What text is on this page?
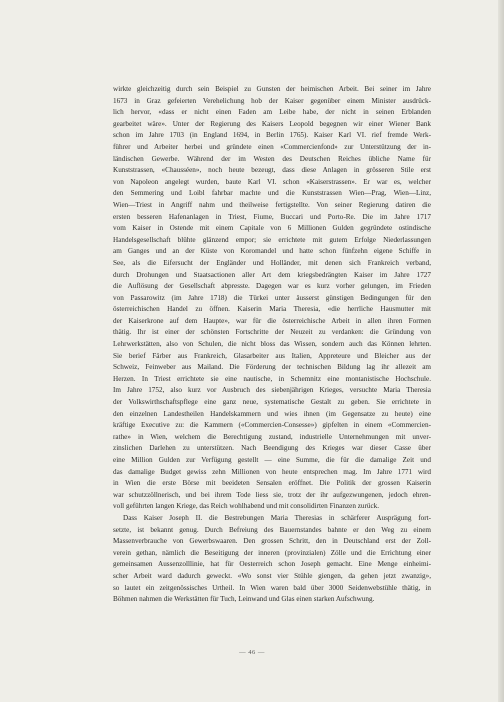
wirkte gleichzeitig durch sein Beispiel zu Gunsten der heimischen Arbeit. Bei seiner im Jahre
1673 in Graz gefeierten Verehelichung hob der Kaiser gegenüber einem Minister ausdrück-
lich hervor, «dass er nicht einen Faden am Leibe habe, der nicht in seinen Erblanden
gearbeitet wäre». Unter der Regierung des Kaisers Leopold begegnen wir einer Wiener Bank
schon im Jahre 1703 (in England 1694, in Berlin 1765). Kaiser Karl VI. rief fremde Werk-
führer und Arbeiter herbei und gründete einen «Commercienfond» zur Unterstützung der in-
ländischen Gewerbe. Während der im Westen des Deutschen Reiches übliche Name für
Kunststrassen, «Chausséen», noch heute bezeugt, dass diese Anlagen in grösseren Stile erst
von Napoleon angelegt wurden, baute Karl VI. schon «Kaiserstrassen». Er war es, welcher
den Semmering und Loibl fahrbar machte und die Kunststrassen Wien—Prag, Wien—Linz,
Wien—Triest in Angriff nahm und theilweise fertigstellte. Von seiner Regierung datiren die
ersten besseren Hafenanlagen in Triest, Fiume, Buccari und Porto-Re. Die im Jahre 1717
vom Kaiser in Ostende mit einem Capitale von 6 Millionen Gulden gegründete ostindische
Handelsgesellschaft blühte glänzend empor; sie errichtete mit gutem Erfolge Niederlassungen
am Ganges und an der Küste von Koromandel und hatte schon fünfzehn eigene Schiffe in
See, als die Eifersucht der Engländer und Holländer, mit denen sich Frankreich verband,
durch Drohungen und Staatsactionen aller Art dem kriegsbedrängten Kaiser im Jahre 1727
die Auflösung der Gesellschaft abpresste. Dagegen war es kurz vorher gelungen, im Frieden
von Passarowitz (im Jahre 1718) die Türkei unter äusserst günstigen Bedingungen für den
österreichischen Handel zu öffnen. Kaiserin Maria Theresia, «die herrliche Hausmutter mit
der Kaiserkrone auf dem Haupte», war für die österreichische Arbeit in allen ihren Formen
thätig. Ihr ist einer der schönsten Fortschritte der Neuzeit zu verdanken: die Gründung von
Lehrwerkstätten, also von Schulen, die nicht bloss das Wissen, sondern auch das Können lehrten.
Sie berief Färber aus Frankreich, Glasarbeiter aus Italien, Appreteure und Bleicher aus der
Schweiz, Feinweber aus Mailand. Die Förderung der technischen Bildung lag ihr allezeit am
Herzen. In Triest errichtete sie eine nautische, in Schemnitz eine montanistische Hochschule.
Im Jahre 1752, also kurz vor Ausbruch des siebenjährigen Krieges, versuchte Maria Theresia
der Volkswirthschaftspflege eine ganz neue, systematische Gestalt zu geben. Sie errichtete in
den einzelnen Landestheilen Handelskammern und wies ihnen (im Gegensatze zu heute) eine
kräftige Executive zu: die Kammern («Commercien-Consesse») gipfelten in einem «Commercien-
rathe» in Wien, welchem die Berechtigung zustand, industrielle Unternehmungen mit unver-
zinslichen Darlehen zu unterstützen. Nach Beendigung des Krieges war dieser Casse über
eine Million Gulden zur Verfügung gestellt — eine Summe, die für die damalige Zeit und
das damalige Budget gewiss zehn Millionen von heute entsprechen mag. Im Jahre 1771 wird
in Wien die erste Börse mit beeideten Sensalen eröffnet. Die Politik der grossen Kaiserin
war schutzzöllnerisch, und bei ihrem Tode liess sie, trotz der ihr aufgezwungenen, jedoch ehren-
voll geführten langen Kriege, das Reich wohlhabend und mit consolidirten Finanzen zurück.
Dass Kaiser Joseph II. die Bestrebungen Maria Theresias in schärferer Ausprägung fort-
setzte, ist bekannt genug. Durch Befreiung des Bauernstandes bahnte er den Weg zu einem
Massenverbrauche von Gewerbswaaren. Den grossen Schritt, den in Deutschland erst der Zoll-
verein gethan, nämlich die Beseitigung der inneren (provinzialen) Zölle und die Errichtung einer
gemeinsamen Aussenzolllinie, hat für Oesterreich schon Joseph gemacht. Eine Menge einheimi-
scher Arbeit ward dadurch geweckt. «Wo sonst vier Stühle giengen, da gehen jetzt zwanzig»,
so lautet ein zeitgenössisches Urtheil. In Wien waren bald über 3000 Seidenwebstühle thätig, in
Böhmen nahmen die Werkstätten für Tuch, Leinwand und Glas einen starken Aufschwung.
— 46 —
